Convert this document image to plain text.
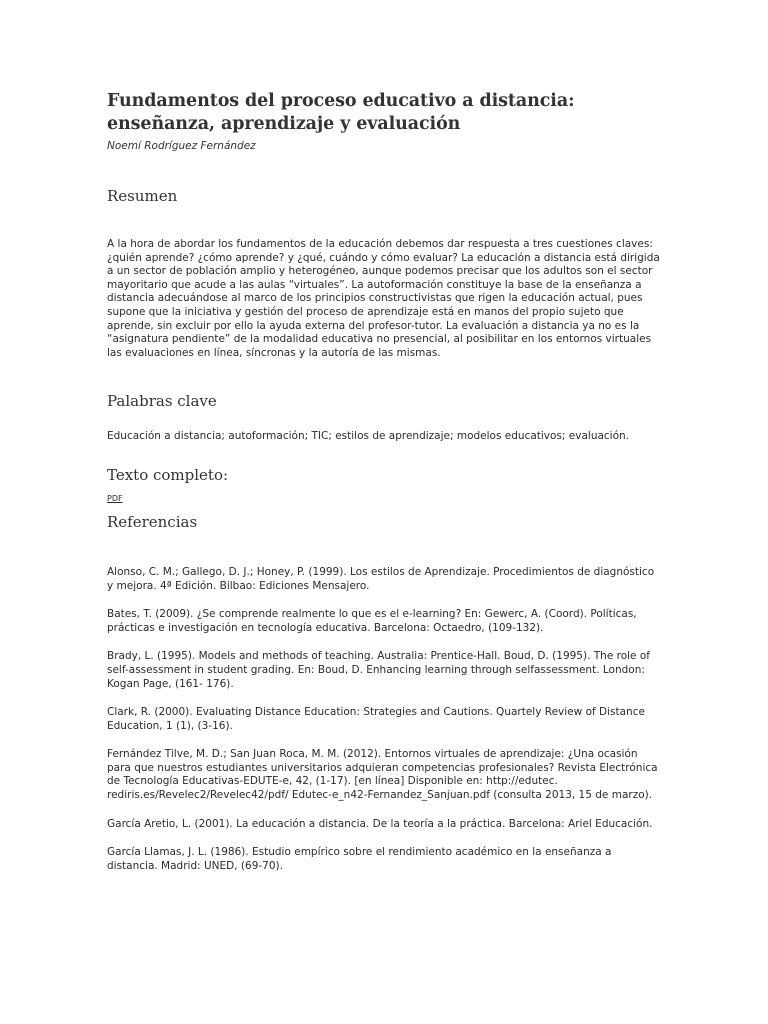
Fundamentos del proceso educativo a distancia: enseñanza, aprendizaje y evaluación

Noemí Rodríguez Fernández

Resumen

A la hora de abordar los fundamentos de la educación debemos dar respuesta a tres cuestiones claves: ¿quién aprende? ¿cómo aprende? y ¿qué, cuándo y cómo evaluar? La educación a distancia está dirigida a un sector de población amplio y heterogéneo, aunque podemos precisar que los adultos son el sector mayoritario que acude a las aulas “virtuales”. La autoformación constituye la base de la enseñanza a distancia adecuándose al marco de los principios constructivistas que rigen la educación actual, pues supone que la iniciativa y gestión del proceso de aprendizaje está en manos del propio sujeto que aprende, sin excluir por ello la ayuda externa del profesor-tutor. La evaluación a distancia ya no es la “asignatura pendiente” de la modalidad educativa no presencial, al posibilitar en los entornos virtuales las evaluaciones en línea, síncronas y la autoría de las mismas.

Palabras clave

Educación a distancia; autoformación; TIC; estilos de aprendizaje; modelos educativos; evaluación.

Texto completo:
PDF
Referencias
Alonso, C. M.; Gallego, D. J.; Honey, P. (1999). Los estilos de Aprendizaje. Procedimientos de diagnóstico y mejora. 4ª Edición. Bilbao: Ediciones Mensajero.
Bates, T. (2009). ¿Se comprende realmente lo que es el e-learning? En: Gewerc, A. (Coord). Políticas, prácticas e investigación en tecnología educativa. Barcelona: Octaedro, (109-132).
Brady, L. (1995). Models and methods of teaching. Australia: Prentice-Hall. Boud, D. (1995). The role of self-assessment in student grading. En: Boud, D. Enhancing learning through selfassessment. London: Kogan Page, (161- 176).
Clark, R. (2000). Evaluating Distance Education: Strategies and Cautions. Quartely Review of Distance Education, 1 (1), (3-16).
Fernández Tilve, M. D.; San Juan Roca, M. M. (2012). Entornos virtuales de aprendizaje: ¿Una ocasión para que nuestros estudiantes universitarios adquieran competencias profesionales? Revista Electrónica de Tecnología Educativas-EDUTE-e, 42, (1-17). [en línea] Disponible en: http://edutec. rediris.es/Revelec2/Revelec42/pdf/ Edutec-e_n42-Fernandez_Sanjuan.pdf (consulta 2013, 15 de marzo).
García Aretio, L. (2001). La educación a distancia. De la teoría a la práctica. Barcelona: Ariel Educación.
García Llamas, J. L. (1986). Estudio empírico sobre el rendimiento académico en la enseñanza a distancia. Madrid: UNED, (69-70).
